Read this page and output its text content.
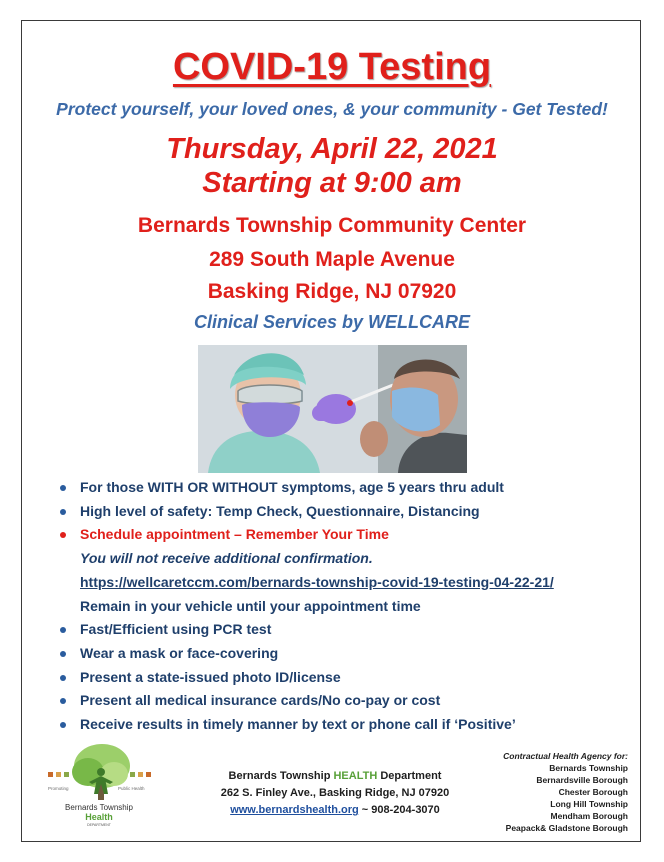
COVID-19 Testing
Protect yourself, your loved ones, & your community - Get Tested!
Thursday, April 22, 2021
Starting at 9:00 am
Bernards Township Community Center
289 South Maple Avenue
Basking Ridge, NJ 07920
Clinical Services by WELLCARE
For those WITH OR WITHOUT symptoms, age 5 years thru adult
High level of safety: Temp Check, Questionnaire, Distancing
Schedule appointment – Remember Your Time
You will not receive additional confirmation.
https://wellcaretccm.com/bernards-township-covid-19-testing-04-22-21/
Remain in your vehicle until your appointment time
Fast/Efficient using PCR test
Wear a mask or face-covering
Present a state-issued photo ID/license
Present all medical insurance cards/No co-pay or cost
Receive results in timely manner by text or phone call if ‘Positive’
Promoting	Public Health
Bernards Township
Health
DEPARTMENT
Bernards Township HEALTH Department
262 S. Finley Ave., Basking Ridge, NJ 07920
www.bernardshealth.org ~ 908-204-3070
Contractual Health Agency for:
Bernards Township
Bernardsville Borough
Chester Borough
Long Hill Township
Mendham Borough
Peapack& Gladstone Borough
